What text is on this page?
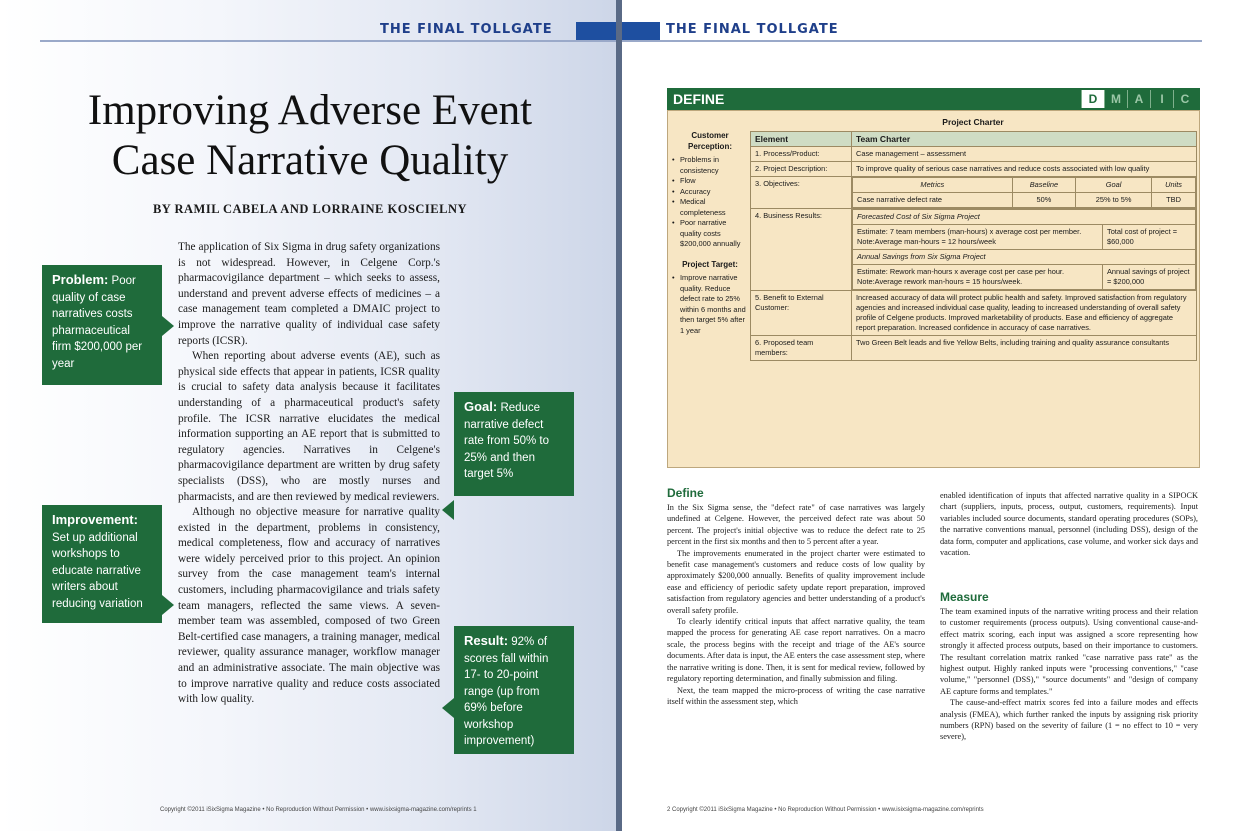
THE FINAL TOLLGATE
Improving Adverse Event
Case Narrative Quality
BY RAMIL CABELA AND LORRAINE KOSCIELNY

The application of Six Sigma in drug safety organizations is not widespread. However, in Celgene Corp.'s pharmacovigilance department – which seeks to assess, understand and prevent adverse effects of medicines – a case management team completed a DMAIC project to improve the narrative quality of individual case safety reports (ICSR).

When reporting about adverse events (AE), such as physical side effects that appear in patients, ICSR quality is crucial to safety data analysis because it facilitates understanding of a pharmaceutical product's safety profile. The ICSR narrative elucidates the medical information supporting an AE report that is submitted to regulatory agencies. Narratives in Celgene's pharmacovigilance department are written by drug safety specialists (DSS), who are mostly nurses and pharmacists, and are then reviewed by medical reviewers.

Although no objective measure for narrative quality existed in the department, problems in consistency, medical completeness, flow and accuracy of narratives were widely perceived prior to this project. An opinion survey from the case management team's internal customers, including pharmacovigilance and trials safety team managers, reflected the same views. A seven-member team was assembled, composed of two Green Belt-certified case managers, a training manager, medical reviewer, quality assurance manager, workflow manager and an administrative associate. The main objective was to improve narrative quality and reduce costs associated with low quality.

Problem: Poor quality of case narratives costs pharmaceutical firm $200,000 per year
Goal: Reduce narrative defect rate from 50% to 25% and then target 5%
Improvement:
Set up additional workshops to educate narrative writers about reducing variation
Result: 92% of scores fall within 17- to 20-point range (up from 69% before workshop improvement)
Copyright ©2011 iSixSigma Magazine • No Reproduction Without Permission • www.isixsigma-magazine.com/reprints 1
THE FINAL TOLLGATE
DEFINE	D	M	A	I	C
Customer Perception:
• Problems in consistency
• Flow
• Accuracy
• Medical completeness
• Poor narrative quality costs $200,000 annually
Project Target:
• Improve narrative quality. Reduce defect rate to 25% within 6 months and then target 5% after 1 year
Project Charter
Element	Team Charter
1. Process/Product:	Case management – assessment
2. Project Description:	To improve quality of serious case narratives and reduce costs associated with low quality
3. Objectives:		Metrics	Baseline	Goal	Units
Case narrative defect rate	50%	25% to 5%	TBD

4. Business Results:		Forecasted Cost of Six Sigma Project
Estimate: 7 team members (man-hours) x average cost per member. Note:Average man-hours = 12 hours/week	Total cost of project = $60,000
Annual Savings from Six Sigma Project
Estimate: Rework man-hours x average cost per case per hour. Note:Average rework man-hours = 15 hours/week.	Annual savings of project = $200,000

5. Benefit to External Customer:	Increased accuracy of data will protect public health and safety. Improved satisfaction from regulatory agencies and increased individual case quality, leading to increased understanding of overall safety profile of Celgene products. Improved marketability of products. Ease and efficiency of aggregate report preparation. Increased confidence in accuracy of case narratives.
6. Proposed team members:	Two Green Belt leads and five Yellow Belts, including training and quality assurance consultants
Define

In the Six Sigma sense, the "defect rate" of case narratives was largely undefined at Celgene. However, the perceived defect rate was about 50 percent. The project's initial objective was to reduce the defect rate to 25 percent in the first six months and then to 5 percent after a year.

The improvements enumerated in the project charter were estimated to benefit case management's customers and reduce costs of low quality by approximately $200,000 annually. Benefits of quality improvement include ease and efficiency of periodic safety update report preparation, improved satisfaction from regulatory agencies and better understanding of a product's overall safety profile.

To clearly identify critical inputs that affect narrative quality, the team mapped the process for generating AE case report narratives. On a macro scale, the process begins with the receipt and triage of the AE's source documents. After data is input, the AE enters the case assessment step, where the narrative writing is done. Then, it is sent for medical review, followed by regulatory reporting determination, and finally submission and filing.

Next, the team mapped the micro-process of writing the case narrative itself within the assessment step, which

enabled identification of inputs that affected narrative quality in a SIPOCK chart (suppliers, inputs, process, output, customers, requirements). Input variables included source documents, standard operating procedures (SOPs), the narrative conventions manual, personnel (including DSS), design of the data form, computer and applications, case volume, and worker sick days and vacation.

Measure

The team examined inputs of the narrative writing process and their relation to customer requirements (process outputs). Using conventional cause-and-effect matrix scoring, each input was assigned a score representing how strongly it affected process outputs, based on their importance to customers. The resultant correlation matrix ranked "case narrative pass rate" as the highest output. Highly ranked inputs were "processing conventions," "case volume," "personnel (DSS)," "source documents" and "design of company AE capture forms and templates."

The cause-and-effect matrix scores fed into a failure modes and effects analysis (FMEA), which further ranked the inputs by assigning risk priority numbers (RPN) based on the severity of failure (1 = no effect to 10 = very severe),

2 Copyright ©2011 iSixSigma Magazine • No Reproduction Without Permission • www.isixsigma-magazine.com/reprints
